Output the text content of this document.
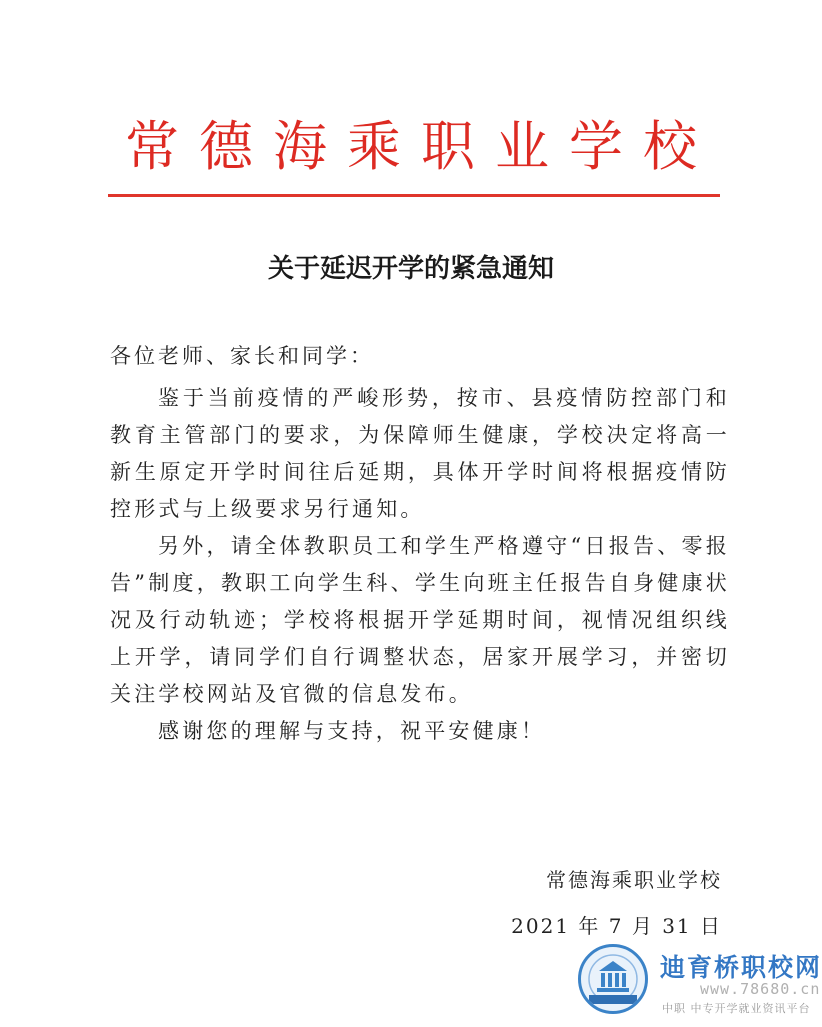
常德海乘职业学校
关于延迟开学的紧急通知
各位老师、家长和同学：

鉴于当前疫情的严峻形势，按市、县疫情防控部门和教育主管部门的要求，为保障师生健康，学校决定将高一新生原定开学时间往后延期，具体开学时间将根据疫情防控形式与上级要求另行通知。

另外，请全体教职员工和学生严格遵守“日报告、零报告”制度，教职工向学生科、学生向班主任报告自身健康状况及行动轨迹；学校将根据开学延期时间，视情况组织线上开学，请同学们自行调整状态，居家开展学习，并密切关注学校网站及官微的信息发布。

感谢您的理解与支持，祝平安健康！

常德海乘职业学校
2021 年 7 月 31 日
迪育桥职校网
www.78680.cn
中职 中专开学就业资讯平台
